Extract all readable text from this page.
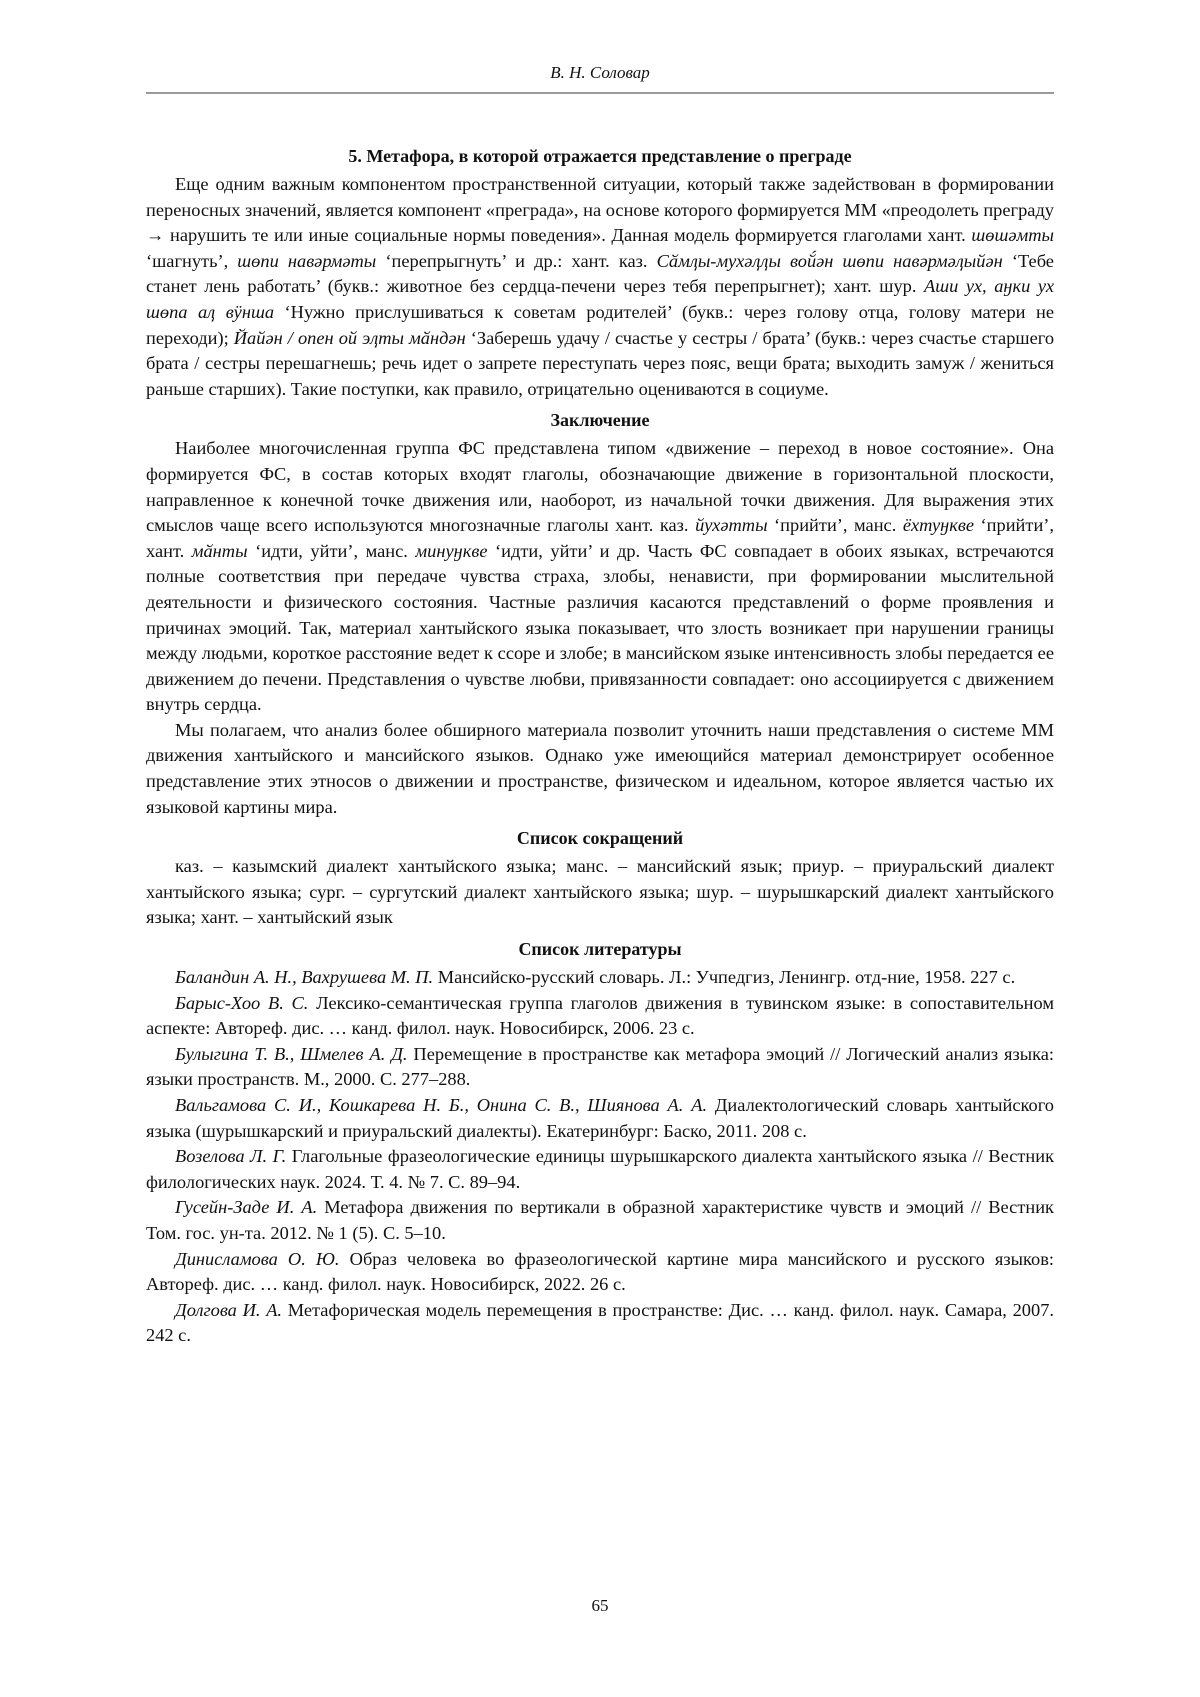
В. Н. Соловар
5. Метафора, в которой отражается представление о преграде

Еще одним важным компонентом пространственной ситуации, который также задействован в формировании переносных значений, является компонент «преграда», на основе которого формируется ММ «преодолеть преграду → нарушить те или иные социальные нормы поведения». Данная модель формируется глаголами хант. шөшәмты ‘шагнуть’, шөпи навәрмәты ‘перепрыгнуть’ и др.: хант. каз. Сӑмӆы-мухәӆӆы вой́ән шөпи навәрмәӆыйән ‘Тебе станет лень работать’ (букв.: животное без сердца-печени через тебя перепрыгнет); хант. шур. Аши ух, аӈки ух шөпа аӆ вӱнша ‘Нужно прислушиваться к советам родителей’ (букв.: через голову отца, голову матери не переходи); Йайән / опен ой эӆты мӑндән ‘Заберешь удачу / счастье у сестры / брата’ (букв.: через счастье старшего брата / сестры перешагнешь; речь идет о запрете переступать через пояс, вещи брата; выходить замуж / жениться раньше старших). Такие поступки, как правило, отрицательно оцениваются в социуме.

Заключение

Наиболее многочисленная группа ФС представлена типом «движение – переход в новое состояние». Она формируется ФС, в состав которых входят глаголы, обозначающие движение в горизонтальной плоскости, направленное к конечной точке движения или, наоборот, из начальной точки движения. Для выражения этих смыслов чаще всего используются многозначные глаголы хант. каз. йухәтты ‘прийти’, манс. ёхтуӈкве ‘прийти’, хант. мӑнты ‘идти, уйти’, манс. минуӈкве ‘идти, уйти’ и др. Часть ФС совпадает в обоих языках, встречаются полные соответствия при передаче чувства страха, злобы, ненависти, при формировании мыслительной деятельности и физического состояния. Частные различия касаются представлений о форме проявления и причинах эмоций. Так, материал хантыйского языка показывает, что злость возникает при нарушении границы между людьми, короткое расстояние ведет к ссоре и злобе; в мансийском языке интенсивность злобы передается ее движением до печени. Представления о чувстве любви, привязанности совпадает: оно ассоциируется с движением внутрь сердца.

Мы полагаем, что анализ более обширного материала позволит уточнить наши представления о системе ММ движения хантыйского и мансийского языков. Однако уже имеющийся материал демонстрирует особенное представление этих этносов о движении и пространстве, физическом и идеальном, которое является частью их языковой картины мира.

Список сокращений

каз. – казымский диалект хантыйского языка; манс. – мансийский язык; приур. – приуральский диалект хантыйского языка; сург. – сургутский диалект хантыйского языка; шур. – шурышкарский диалект хантыйского языка; хант. – хантыйский язык

Список литературы

Баландин А. Н., Вахрушева М. П. Мансийско-русский словарь. Л.: Учпедгиз, Ленингр. отд-ние, 1958. 227 с.

Барыс-Хоо В. С. Лексико-семантическая группа глаголов движения в тувинском языке: в сопоставительном аспекте: Автореф. дис. … канд. филол. наук. Новосибирск, 2006. 23 с.

Булыгина Т. В., Шмелев А. Д. Перемещение в пространстве как метафора эмоций // Логический анализ языка: языки пространств. М., 2000. С. 277–288.

Вальгамова С. И., Кошкарева Н. Б., Онина С. В., Шиянова А. А. Диалектологический словарь хантыйского языка (шурышкарский и приуральский диалекты). Екатеринбург: Баско, 2011. 208 с.

Возелова Л. Г. Глагольные фразеологические единицы шурышкарского диалекта хантыйского языка // Вестник филологических наук. 2024. Т. 4. № 7. С. 89–94.

Гусейн-Заде И. А. Метафора движения по вертикали в образной характеристике чувств и эмоций // Вестник Том. гос. ун-та. 2012. № 1 (5). С. 5–10.

Динисламова О. Ю. Образ человека во фразеологической картине мира мансийского и русского языков: Автореф. дис. … канд. филол. наук. Новосибирск, 2022. 26 с.

Долгова И. А. Метафорическая модель перемещения в пространстве: Дис. … канд. филол. наук. Самара, 2007. 242 с.

65
